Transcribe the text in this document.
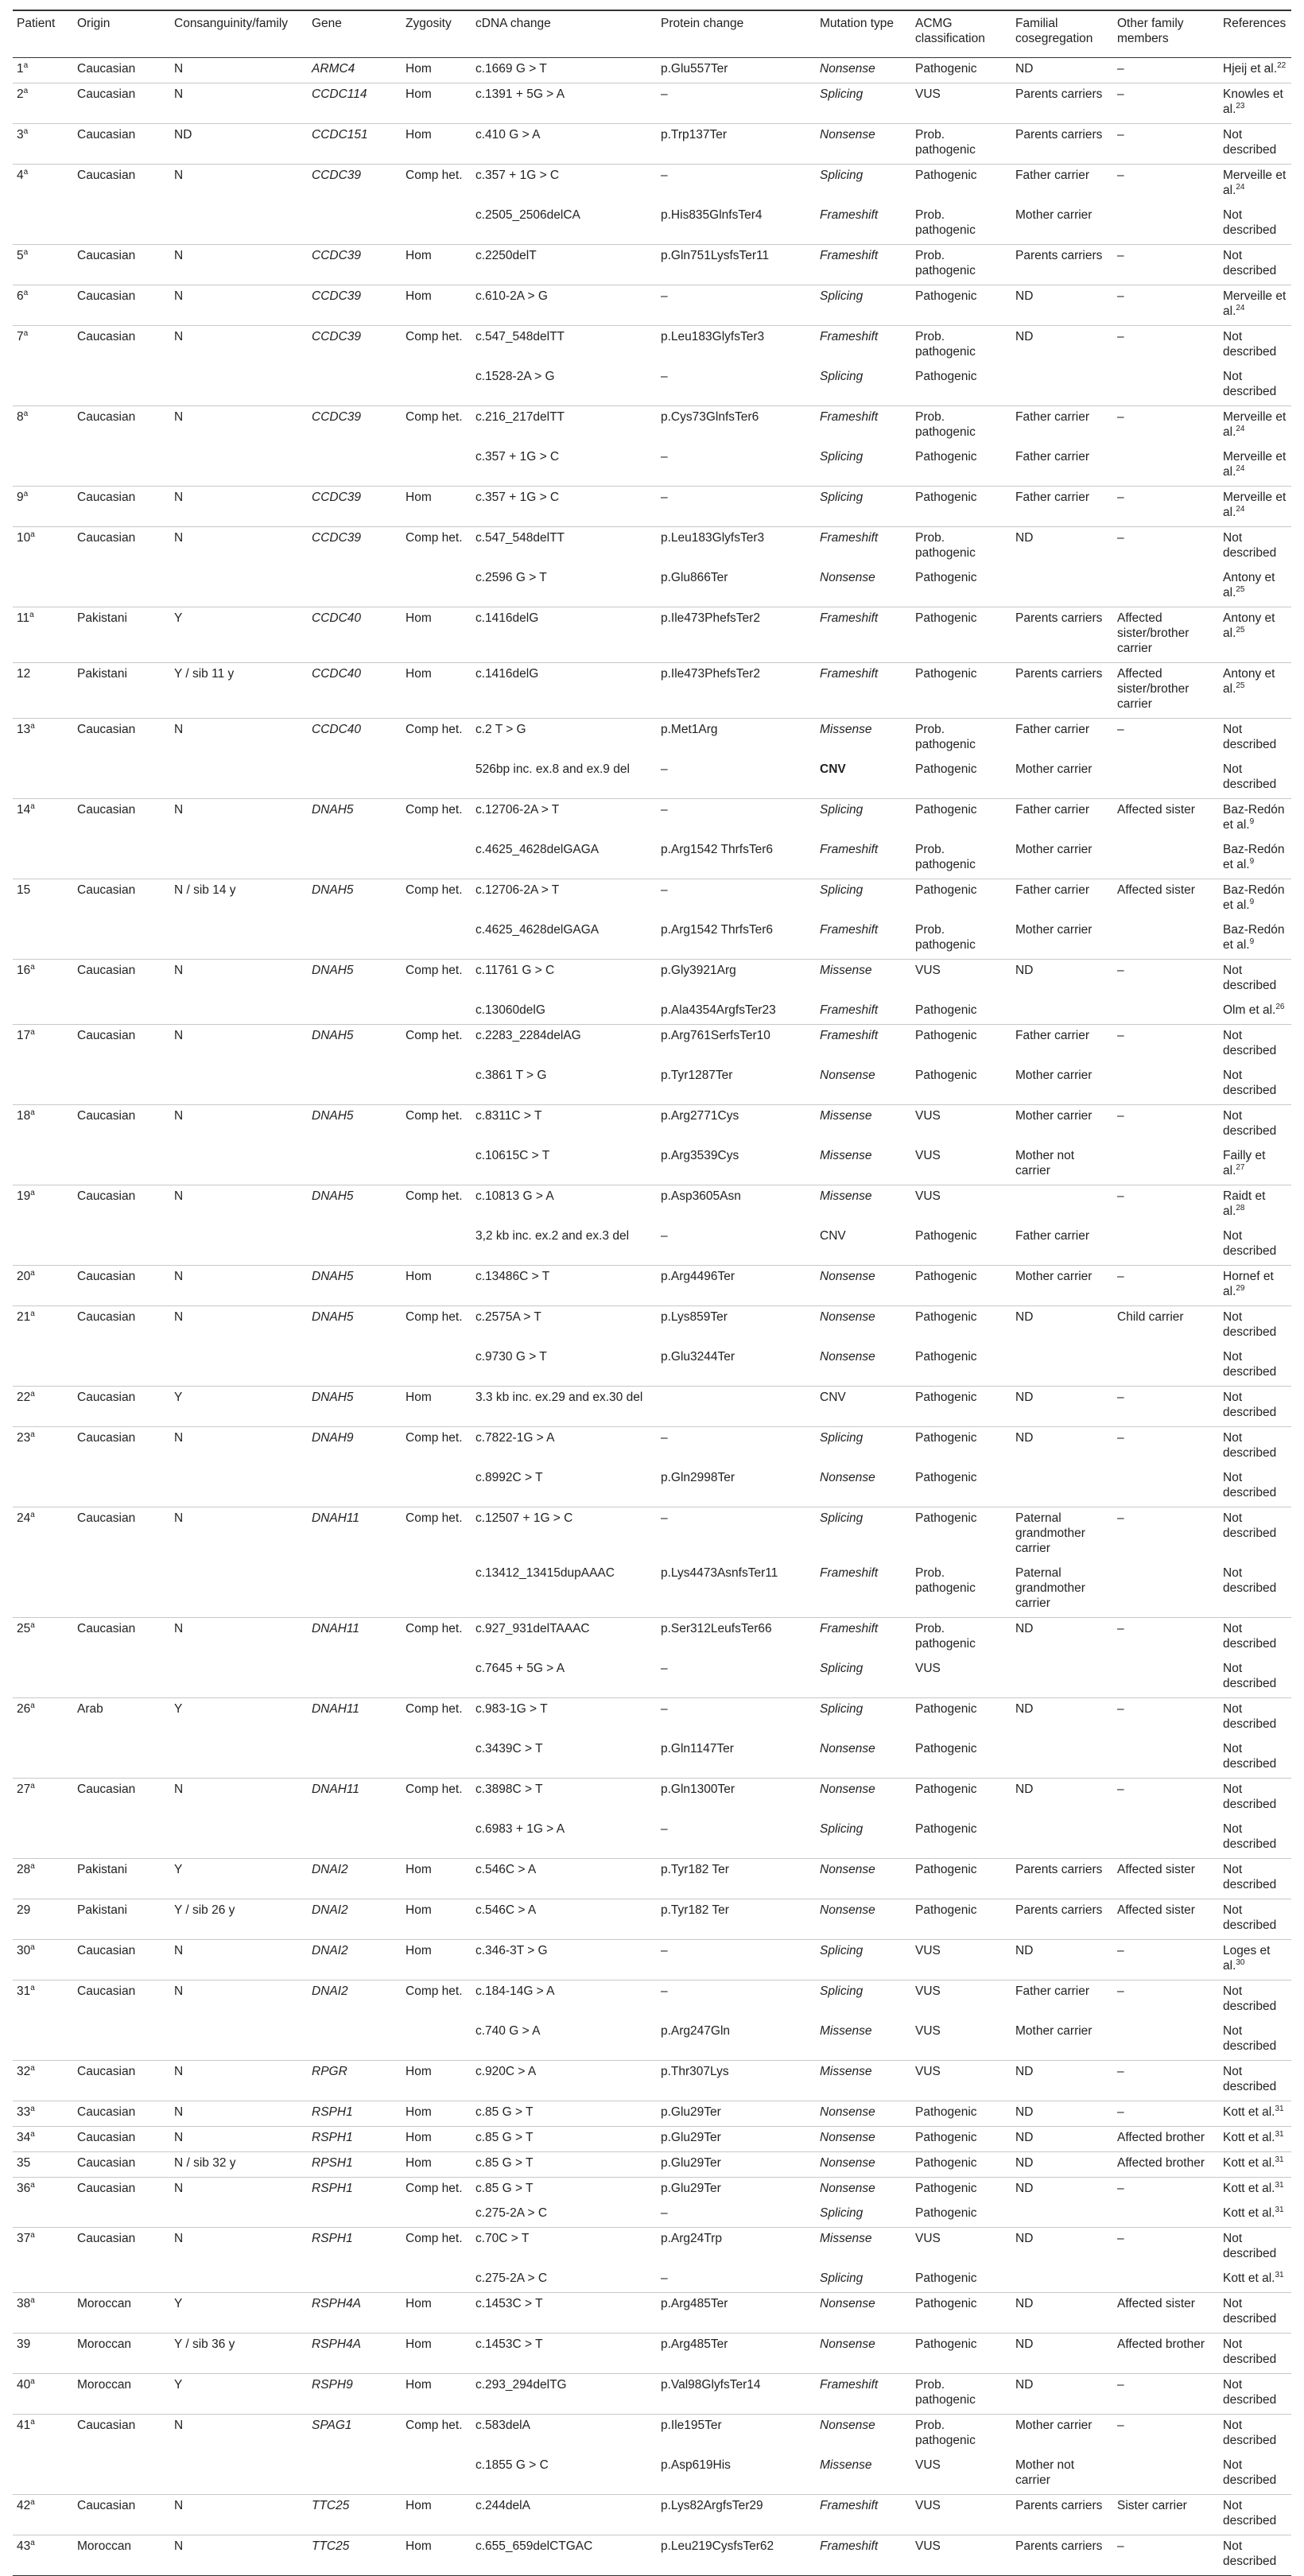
Patient	Origin	Consanguinity/family	Gene	Zygosity	cDNA change	Protein change	Mutation type	ACMG classification	Familial cosegregation	Other family members	References
1$^a$	Caucasian	N	ARMC4	Hom	c.1669 G > T	p.Glu557Ter	Nonsense	Pathogenic	ND	–	Hjeij et al.$^{22}$
2$^a$	Caucasian	N	CCDC114	Hom	c.1391 + 5G > A	–	Splicing	VUS	Parents carriers	–	Knowles et al.$^{23}$
3$^a$	Caucasian	ND	CCDC151	Hom	c.410 G > A	p.Trp137Ter	Nonsense	Prob. pathogenic	Parents carriers	–	Not described
4$^a$	Caucasian	N	CCDC39	Comp het.	c.357 + 1G > C	–	Splicing	Pathogenic	Father carrier	–	Merveille et al.$^{24}$
					c.2505_2506delCA	p.His835GlnfsTer4	Frameshift	Prob. pathogenic	Mother carrier		Not described
5$^a$	Caucasian	N	CCDC39	Hom	c.2250delT	p.Gln751LysfsTer11	Frameshift	Prob. pathogenic	Parents carriers	–	Not described
6$^a$	Caucasian	N	CCDC39	Hom	c.610-2A > G	–	Splicing	Pathogenic	ND	–	Merveille et al.$^{24}$
7$^a$	Caucasian	N	CCDC39	Comp het.	c.547_548delTT	p.Leu183GlyfsTer3	Frameshift	Prob. pathogenic	ND	–	Not described
					c.1528-2A > G	–	Splicing	Pathogenic			Not described
8$^a$	Caucasian	N	CCDC39	Comp het.	c.216_217delTT	p.Cys73GlnfsTer6	Frameshift	Prob. pathogenic	Father carrier	–	Merveille et al.$^{24}$
					c.357 + 1G > C	–	Splicing	Pathogenic	Father carrier		Merveille et al.$^{24}$
9$^a$	Caucasian	N	CCDC39	Hom	c.357 + 1G > C	–	Splicing	Pathogenic	Father carrier	–	Merveille et al.$^{24}$
10$^a$	Caucasian	N	CCDC39	Comp het.	c.547_548delTT	p.Leu183GlyfsTer3	Frameshift	Prob. pathogenic	ND	–	Not described
					c.2596 G > T	p.Glu866Ter	Nonsense	Pathogenic			Antony et al.$^{25}$
11$^a$	Pakistani	Y	CCDC40	Hom	c.1416delG	p.Ile473PhefsTer2	Frameshift	Pathogenic	Parents carriers	Affected sister/brother carrier	Antony et al.$^{25}$
12	Pakistani	Y / sib 11 y	CCDC40	Hom	c.1416delG	p.Ile473PhefsTer2	Frameshift	Pathogenic	Parents carriers	Affected sister/brother carrier	Antony et al.$^{25}$
13$^a$	Caucasian	N	CCDC40	Comp het.	c.2 T > G	p.Met1Arg	Missense	Prob. pathogenic	Father carrier	–	Not described
					526bp inc. ex.8 and ex.9 del	–	CNV	Pathogenic	Mother carrier		Not described
14$^a$	Caucasian	N	DNAH5	Comp het.	c.12706-2A > T	–	Splicing	Pathogenic	Father carrier	Affected sister	Baz-Redón et al.$^9$
					c.4625_4628delGAGA	p.Arg1542 ThrfsTer6	Frameshift	Prob. pathogenic	Mother carrier		Baz-Redón et al.$^9$
15	Caucasian	N / sib 14 y	DNAH5	Comp het.	c.12706-2A > T	–	Splicing	Pathogenic	Father carrier	Affected sister	Baz-Redón et al.$^9$
					c.4625_4628delGAGA	p.Arg1542 ThrfsTer6	Frameshift	Prob. pathogenic	Mother carrier		Baz-Redón et al.$^9$
16$^a$	Caucasian	N	DNAH5	Comp het.	c.11761 G > C	p.Gly3921Arg	Missense	VUS	ND	–	Not described
					c.13060delG	p.Ala4354ArgfsTer23	Frameshift	Pathogenic			Olm et al.$^{26}$
17$^a$	Caucasian	N	DNAH5	Comp het.	c.2283_2284delAG	p.Arg761SerfsTer10	Frameshift	Pathogenic	Father carrier	–	Not described
					c.3861 T > G	p.Tyr1287Ter	Nonsense	Pathogenic	Mother carrier		Not described
18$^a$	Caucasian	N	DNAH5	Comp het.	c.8311C > T	p.Arg2771Cys	Missense	VUS	Mother carrier	–	Not described
					c.10615C > T	p.Arg3539Cys	Missense	VUS	Mother not carrier		Failly et al.$^{27}$
19$^a$	Caucasian	N	DNAH5	Comp het.	c.10813 G > A	p.Asp3605Asn	Missense	VUS		–	Raidt et al.$^{28}$
					3,2 kb inc. ex.2 and ex.3 del	–	CNV	Pathogenic	Father carrier		Not described
20$^a$	Caucasian	N	DNAH5	Hom	c.13486C > T	p.Arg4496Ter	Nonsense	Pathogenic	Mother carrier	–	Hornef et al.$^{29}$
21$^a$	Caucasian	N	DNAH5	Comp het.	c.2575A > T	p.Lys859Ter	Nonsense	Pathogenic	ND	Child carrier	Not described
					c.9730 G > T	p.Glu3244Ter	Nonsense	Pathogenic			Not described
22$^a$	Caucasian	Y	DNAH5	Hom	3.3 kb inc. ex.29 and ex.30 del		CNV	Pathogenic	ND	–	Not described
23$^a$	Caucasian	N	DNAH9	Comp het.	c.7822-1G > A	–	Splicing	Pathogenic	ND	–	Not described
					c.8992C > T	p.Gln2998Ter	Nonsense	Pathogenic			Not described
24$^a$	Caucasian	N	DNAH11	Comp het.	c.12507 + 1G > C	–	Splicing	Pathogenic	Paternal grandmother carrier	–	Not described
					c.13412_13415dupAAAC	p.Lys4473AsnfsTer11	Frameshift	Prob. pathogenic	Paternal grandmother carrier		Not described
25$^a$	Caucasian	N	DNAH11	Comp het.	c.927_931delTAAAC	p.Ser312LeufsTer66	Frameshift	Prob. pathogenic	ND	–	Not described
					c.7645 + 5G > A	–	Splicing	VUS			Not described
26$^a$	Arab	Y	DNAH11	Comp het.	c.983-1G > T	–	Splicing	Pathogenic	ND	–	Not described
					c.3439C > T	p.Gln1147Ter	Nonsense	Pathogenic			Not described
27$^a$	Caucasian	N	DNAH11	Comp het.	c.3898C > T	p.Gln1300Ter	Nonsense	Pathogenic	ND	–	Not described
					c.6983 + 1G > A	–	Splicing	Pathogenic			Not described
28$^a$	Pakistani	Y	DNAI2	Hom	c.546C > A	p.Tyr182 Ter	Nonsense	Pathogenic	Parents carriers	Affected sister	Not described
29	Pakistani	Y / sib 26 y	DNAI2	Hom	c.546C > A	p.Tyr182 Ter	Nonsense	Pathogenic	Parents carriers	Affected sister	Not described
30$^a$	Caucasian	N	DNAI2	Hom	c.346-3T > G	–	Splicing	VUS	ND	–	Loges et al.$^{30}$
31$^a$	Caucasian	N	DNAI2	Comp het.	c.184-14G > A	–	Splicing	VUS	Father carrier	–	Not described
					c.740 G > A	p.Arg247Gln	Missense	VUS	Mother carrier		Not described
32$^a$	Caucasian	N	RPGR	Hom	c.920C > A	p.Thr307Lys	Missense	VUS	ND	–	Not described
33$^a$	Caucasian	N	RSPH1	Hom	c.85 G > T	p.Glu29Ter	Nonsense	Pathogenic	ND	–	Kott et al.$^{31}$
34$^a$	Caucasian	N	RSPH1	Hom	c.85 G > T	p.Glu29Ter	Nonsense	Pathogenic	ND	Affected brother	Kott et al.$^{31}$
35	Caucasian	N / sib 32 y	RPSH1	Hom	c.85 G > T	p.Glu29Ter	Nonsense	Pathogenic	ND	Affected brother	Kott et al.$^{31}$
36$^a$	Caucasian	N	RSPH1	Comp het.	c.85 G > T	p.Glu29Ter	Nonsense	Pathogenic	ND	–	Kott et al.$^{31}$
					c.275-2A > C	–	Splicing	Pathogenic			Kott et al.$^{31}$
37$^a$	Caucasian	N	RSPH1	Comp het.	c.70C > T	p.Arg24Trp	Missense	VUS	ND	–	Not described
					c.275-2A > C	–	Splicing	Pathogenic			Kott et al.$^{31}$
38$^a$	Moroccan	Y	RSPH4A	Hom	c.1453C > T	p.Arg485Ter	Nonsense	Pathogenic	ND	Affected sister	Not described
39	Moroccan	Y / sib 36 y	RSPH4A	Hom	c.1453C > T	p.Arg485Ter	Nonsense	Pathogenic	ND	Affected brother	Not described
40$^a$	Moroccan	Y	RSPH9	Hom	c.293_294delTG	p.Val98GlyfsTer14	Frameshift	Prob. pathogenic	ND	–	Not described
41$^a$	Caucasian	N	SPAG1	Comp het.	c.583delA	p.Ile195Ter	Nonsense	Prob. pathogenic	Mother carrier	–	Not described
					c.1855 G > C	p.Asp619His	Missense	VUS	Mother not carrier		Not described
42$^a$	Caucasian	N	TTC25	Hom	c.244delA	p.Lys82ArgfsTer29	Frameshift	VUS	Parents carriers	Sister carrier	Not described
43$^a$	Moroccan	N	TTC25	Hom	c.655_659delCTGAC	p.Leu219CysfsTer62	Frameshift	VUS	Parents carriers	–	Not described
